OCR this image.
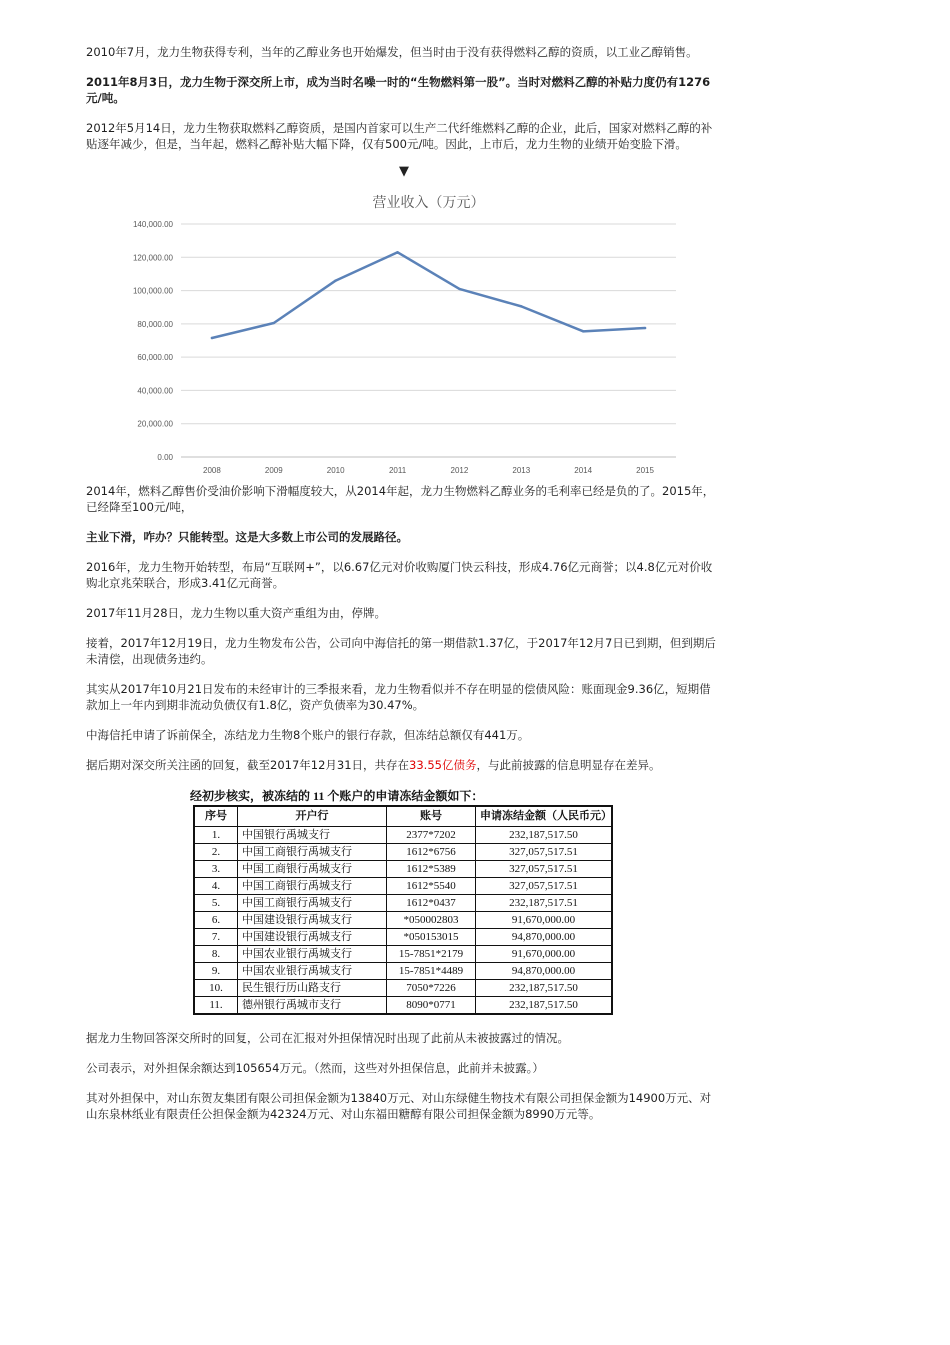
2010年7月，龙力生物获得专利，当年的乙醇业务也开始爆发，但当时由于没有获得燃料乙醇的资质，以工业乙醇销售。

2011年8月3日，龙力生物于深交所上市，成为当时名噪一时的“生物燃料第一股”。当时对燃料乙醇的补贴力度仍有1276元/吨。

2012年5月14日，龙力生物获取燃料乙醇资质，是国内首家可以生产二代纤维燃料乙醇的企业，此后，国家对燃料乙醇的补贴逐年减少，但是，当年起，燃料乙醇补贴大幅下降，仅有500元/吨。因此，上市后，龙力生物的业绩开始变脸下滑。

▼
营业收入（万元）
0.00
20,000.00
40,000.00
60,000.00
80,000.00
100,000.00
120,000.00
140,000.00
2008	2009	2010	2011	2012	2013	2014	2015

2014年，燃料乙醇售价受油价影响下滑幅度较大，从2014年起，龙力生物燃料乙醇业务的毛利率已经是负的了。2015年，已经降至100元/吨，

主业下滑，咋办？只能转型。这是大多数上市公司的发展路径。

2016年，龙力生物开始转型，布局“互联网+”，以6.67亿元对价收购厦门快云科技，形成4.76亿元商誉；以4.8亿元对价收购北京兆荣联合，形成3.41亿元商誉。

2017年11月28日，龙力生物以重大资产重组为由，停牌。

接着，2017年12月19日，龙力生物发布公告，公司向中海信托的第一期借款1.37亿，于2017年12月7日已到期，但到期后未清偿，出现债务违约。

其实从2017年10月21日发布的未经审计的三季报来看，龙力生物看似并不存在明显的偿债风险：账面现金9.36亿，短期借款加上一年内到期非流动负债仅有1.8亿，资产负债率为30.47%。

中海信托申请了诉前保全，冻结龙力生物8个账户的银行存款，但冻结总额仅有441万。

据后期对深交所关注函的回复，截至2017年12月31日，共存在33.55亿债务，与此前披露的信息明显存在差异。

经初步核实，被冻结的 11 个账户的申请冻结金额如下：
序号	开户行	账号	申请冻结金额（人民币元）
1.	中国银行禹城支行	2377*7202	232,187,517.50
2.	中国工商银行禹城支行	1612*6756	327,057,517.51
3.	中国工商银行禹城支行	1612*5389	327,057,517.51
4.	中国工商银行禹城支行	1612*5540	327,057,517.51
5.	中国工商银行禹城支行	1612*0437	232,187,517.51
6.	中国建设银行禹城支行	*050002803	91,670,000.00
7.	中国建设银行禹城支行	*050153015	94,870,000.00
8.	中国农业银行禹城支行	15-7851*2179	91,670,000.00
9.	中国农业银行禹城支行	15-7851*4489	94,870,000.00
10.	民生银行历山路支行	7050*7226	232,187,517.50
11.	德州银行禹城市支行	8090*0771	232,187,517.50

据龙力生物回答深交所时的回复，公司在汇报对外担保情况时出现了此前从未被披露过的情况。

公司表示，对外担保余额达到105654万元。（然而，这些对外担保信息，此前并未披露。）

其对外担保中，对山东贺友集团有限公司担保金额为13840万元、对山东绿健生物技术有限公司担保金额为14900万元、对山东泉林纸业有限责任公担保金额为42324万元、对山东福田糖醇有限公司担保金额为8990万元等。
